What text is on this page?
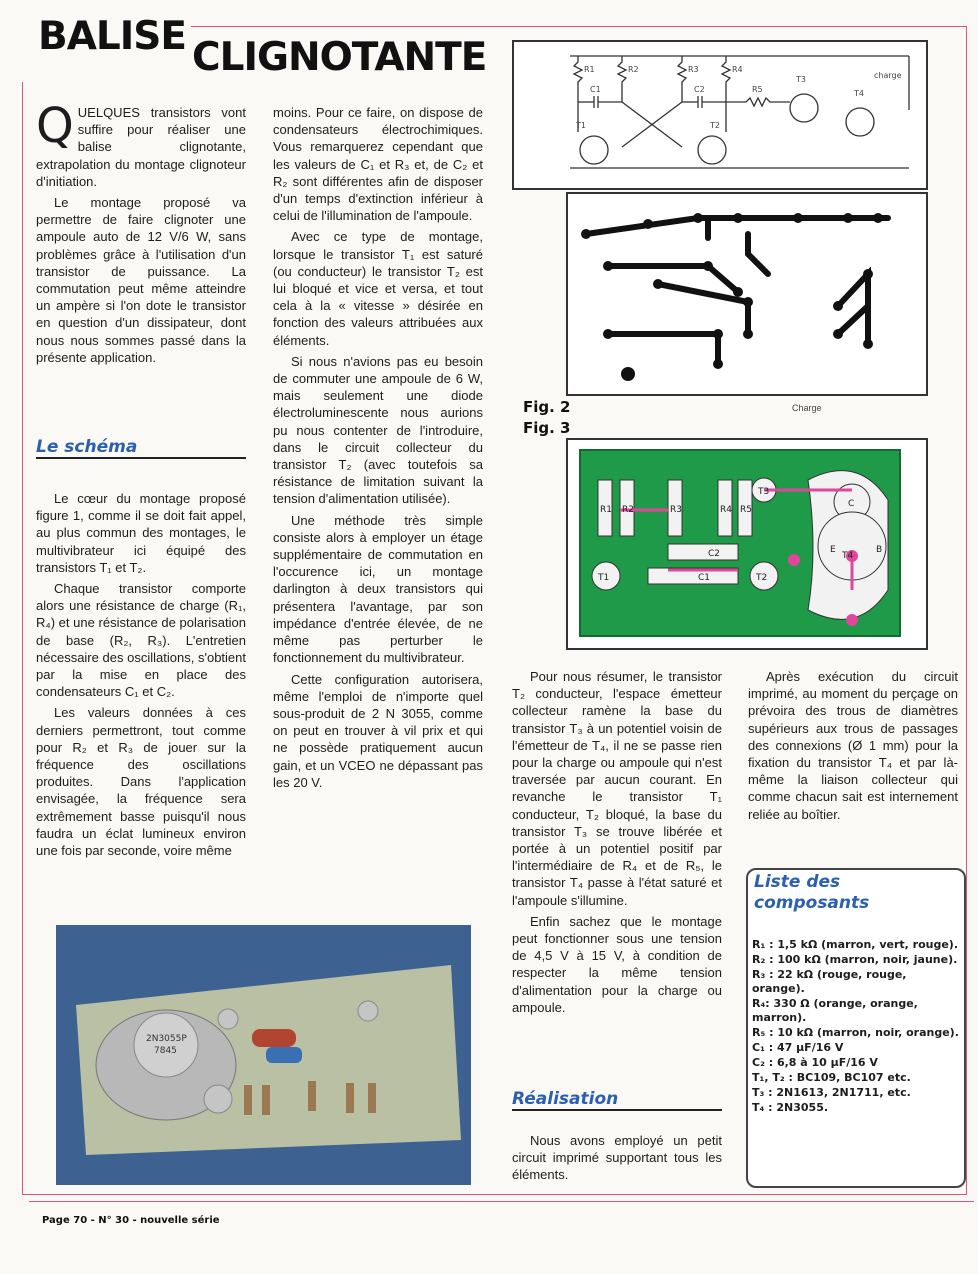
BALISE CLIGNOTANTE

QUELQUES transistors vont suffire pour réaliser une balise clignotante, extrapolation du montage clignoteur d'initiation.

Le montage proposé va permettre de faire clignoter une ampoule auto de 12 V/6 W, sans problèmes grâce à l'utilisation d'un transistor de puissance. La commutation peut même atteindre un ampère si l'on dote le transistor en question d'un dissipateur, dont nous nous sommes passé dans la présente application.

Le schéma

Le cœur du montage proposé figure 1, comme il se doit fait appel, au plus commun des montages, le multivibrateur ici équipé des transistors T₁ et T₂.

Chaque transistor comporte alors une résistance de charge (R₁, R₄) et une résistance de polarisation de base (R₂, R₃). L'entretien nécessaire des oscillations, s'obtient par la mise en place des condensateurs C₁ et C₂.

Les valeurs données à ces derniers permettront, tout comme pour R₂ et R₃ de jouer sur la fréquence des oscillations produites. Dans l'application envisagée, la fréquence sera extrêmement basse puisqu'il nous faudra un éclat lumineux environ une fois par seconde, voire même

moins. Pour ce faire, on dispose de condensateurs électrochimiques. Vous remarquerez cependant que les valeurs de C₁ et R₃ et, de C₂ et R₂ sont différentes afin de disposer d'un temps d'extinction inférieur à celui de l'illumination de l'ampoule.

Avec ce type de montage, lorsque le transistor T₁ est saturé (ou conducteur) le transistor T₂ est lui bloqué et vice et versa, et tout cela à la « vitesse » désirée en fonction des valeurs attribuées aux éléments.

Si nous n'avions pas eu besoin de commuter une ampoule de 6 W, mais seulement une diode électroluminescente nous aurions pu nous contenter de l'introduire, dans le circuit collecteur du transistor T₂ (avec toutefois sa résistance de limitation suivant la tension d'alimentation utilisée).

Une méthode très simple consiste alors à employer un étage supplémentaire de commutation en l'occurence ici, un montage darlington à deux transistors qui présentera l'avantage, par son impédance d'entrée élevée, de ne même pas perturber le fonctionnement du multivibrateur.

Cette configuration autorisera, même l'emploi de n'importe quel sous-produit de 2 N 3055, comme on peut en trouver à vil prix et qui ne possède pratiquement aucun gain, et un VCEO ne dépassant pas les 20 V.

Pour nous résumer, le transistor T₂ conducteur, l'espace émetteur collecteur ramène la base du transistor T₃ à un potentiel voisin de l'émetteur de T₄, il ne se passe rien pour la charge ou ampoule qui n'est traversée par aucun courant. En revanche le transistor T₁ conducteur, T₂ bloqué, la base du transistor T₃ se trouve libérée et portée à un potentiel positif par l'intermédiaire de R₄ et de R₅, le transistor T₄ passe à l'état saturé et l'ampoule s'illumine.

Enfin sachez que le montage peut fonctionner sous une tension de 4,5 V à 15 V, à condition de respecter la même tension d'alimentation pour la charge ou ampoule.

Réalisation

Nous avons employé un petit circuit imprimé supportant tous les éléments.

Après exécution du circuit imprimé, au moment du perçage on prévoira des trous de diamètres supérieurs aux trous de passages des connexions (Ø 1 mm) pour la fixation du transistor T₄ et par là-même la liaison collecteur qui comme chacun sait est internement reliée au boîtier.

Liste des composants
R₁ : 1,5 kΩ (marron, vert, rouge).
R₂ : 100 kΩ (marron, noir, jaune).
R₃ : 22 kΩ (rouge, rouge, orange).
R₄: 330 Ω (orange, orange, marron).
R₅ : 10 kΩ (marron, noir, orange).
C₁ : 47 µF/16 V
C₂ : 6,8 à 10 µF/16 V
T₁, T₂ : BC109, BC107 etc.
T₃ : 2N1613, 2N1711, etc.
T₄ : 2N3055.
Fig. 2
Fig. 3
R1	R2	R3	R4
C1	C2	R5
T1	T2
T3
T4
charge
R1 R2	R3	R4 R5
C2
C1
T1	T2
T3
T4
C
B
E
Charge
2N3055P
7845
Page 70 - N° 30 - nouvelle série
